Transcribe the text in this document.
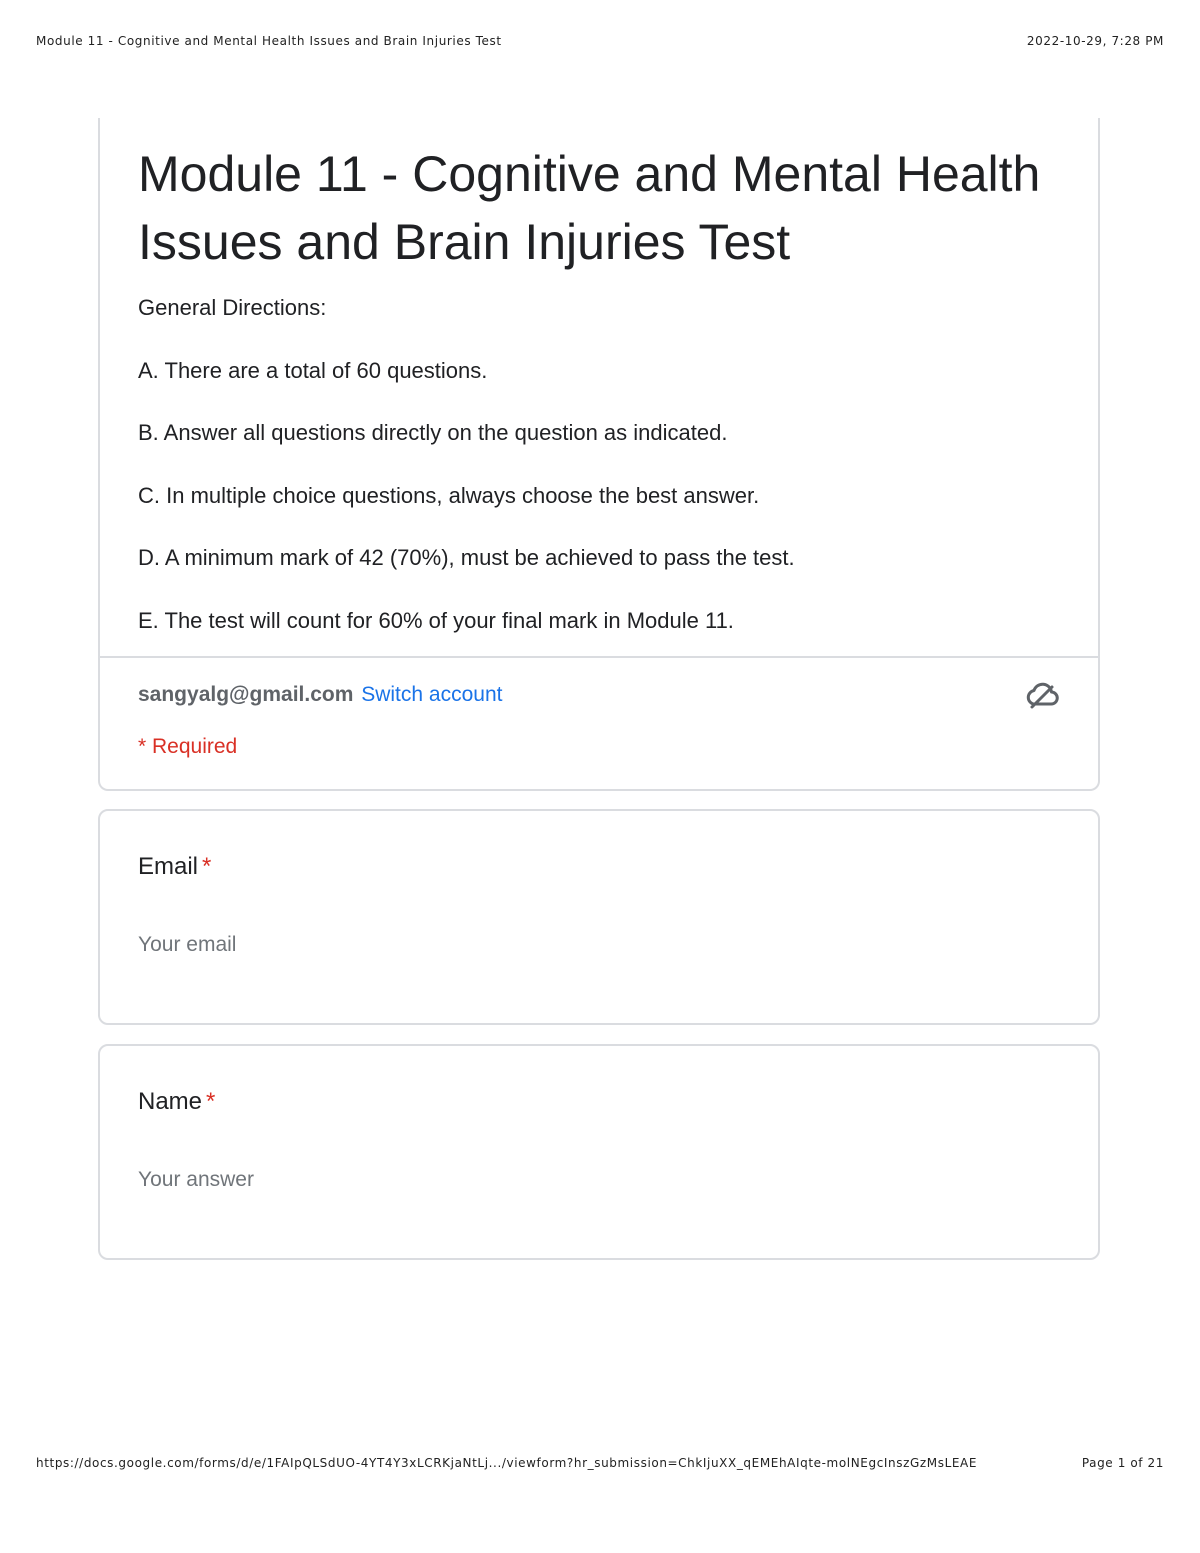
Module 11 - Cognitive and Mental Health Issues and Brain Injuries Test	2022-10-29, 7:28 PM
Module 11 - Cognitive and Mental Health Issues and Brain Injuries Test

General Directions:

A. There are a total of 60 questions.

B. Answer all questions directly on the question as indicated.

C. In multiple choice questions, always choose the best answer.

D. A minimum mark of 42 (70%), must be achieved to pass the test.

E. The test will count for 60% of your final mark in Module 11.

sangyalg@gmail.com Switch account
* Required
Email *
Your email
Name *
Your answer
https://docs.google.com/forms/d/e/1FAIpQLSdUO-4YT4Y3xLCRKjaNtLj.../viewform?hr_submission=ChkIjuXX_qEMEhAIqte-molNEgcInszGzMsLEAE	Page 1 of 21
